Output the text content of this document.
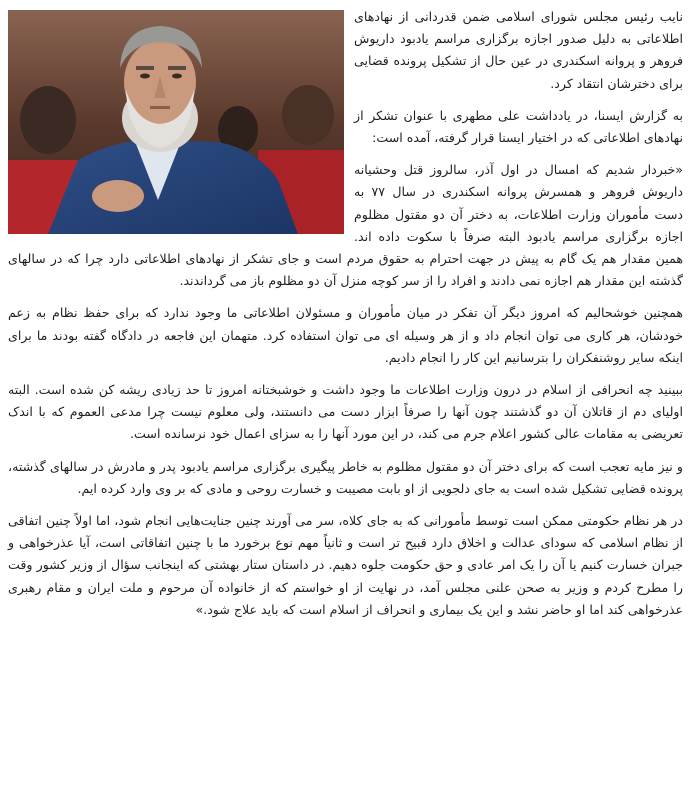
نایب رئیس مجلس شورای اسلامی ضمن قدردانی از نهادهای اطلاعاتی به دلیل صدور اجازه برگزاری مراسم یادبود داریوش فروهر و پروانه اسکندری در عین حال از تشکیل پرونده قضایی برای دخترشان انتقاد کرد.

به گزارش ایسنا، در یادداشت علی مطهری با عنوان تشکر از نهادهای اطلاعاتی که در اختیار ایسنا قرار گرفته، آمده است:

«خبردار شدیم که امسال در اول آذر، سالروز قتل وحشیانه داریوش فروهر و همسرش پروانه اسکندری در سال ۷۷ به دست مأموران وزارت اطلاعات، به دختر آن دو مقتول مظلوم اجازه برگزاری مراسم یادبود البته صرفاً با سکوت داده اند. همین مقدار هم یک گام به پیش در جهت احترام به حقوق مردم است و جای تشکر از نهادهای اطلاعاتی دارد چرا که در سالهای گذشته این مقدار هم اجازه نمی دادند و افراد را از سر کوچه منزل آن دو مظلوم باز می گرداندند.

همچنین خوشحالیم که امروز دیگر آن تفکر در میان مأموران و مسئولان اطلاعاتی ما وجود ندارد که برای حفظ نظام به زعم خودشان، هر کاری می توان انجام داد و از هر وسیله ای می توان استفاده کرد. متهمان این فاجعه در دادگاه گفته بودند ما برای اینکه سایر روشنفکران را بترسانیم این کار را انجام دادیم.

ببینید چه انحرافی از اسلام در درون وزارت اطلاعات ما وجود داشت و خوشبختانه امروز تا حد زیادی ریشه کن شده است. البته اولیای دم از قاتلان آن دو گذشتند چون آنها را صرفاً ابزار دست می دانستند، ولی معلوم نیست چرا مدعی العموم که با اندک تعریضی به مقامات عالی کشور اعلام جرم می کند، در این مورد آنها را به سزای اعمال خود نرسانده است.

و نیز مایه تعجب است که برای دختر آن دو مقتول مظلوم به خاطر پیگیری برگزاری مراسم یادبود پدر و مادرش در سالهای گذشته، پرونده قضایی تشکیل شده است به جای دلجویی از او بابت مصیبت و خسارت روحی و مادی که بر وی وارد کرده ایم.

در هر نظام حکومتی ممکن است توسط مأمورانی که به جای کلاه، سر می آورند چنین جنایت‌هایی انجام شود، اما اولاً چنین اتفاقی از نظام اسلامی که سودای عدالت و اخلاق دارد قبیح تر است و ثانیاً مهم نوع برخورد ما با چنین اتفاقاتی است، آیا عذرخواهی و جبران خسارت کنیم یا آن را یک امر عادی و حق حکومت جلوه دهیم. در داستان ستار بهشتی که اینجانب سؤال از وزیر کشور وقت را مطرح کردم و وزیر به صحن علنی مجلس آمد، در نهایت از او خواستم که از خانواده آن مرحوم و ملت ایران و مقام رهبری عذرخواهی کند اما او حاضر نشد و این یک بیماری و انحراف از اسلام است که باید علاج شود.»
